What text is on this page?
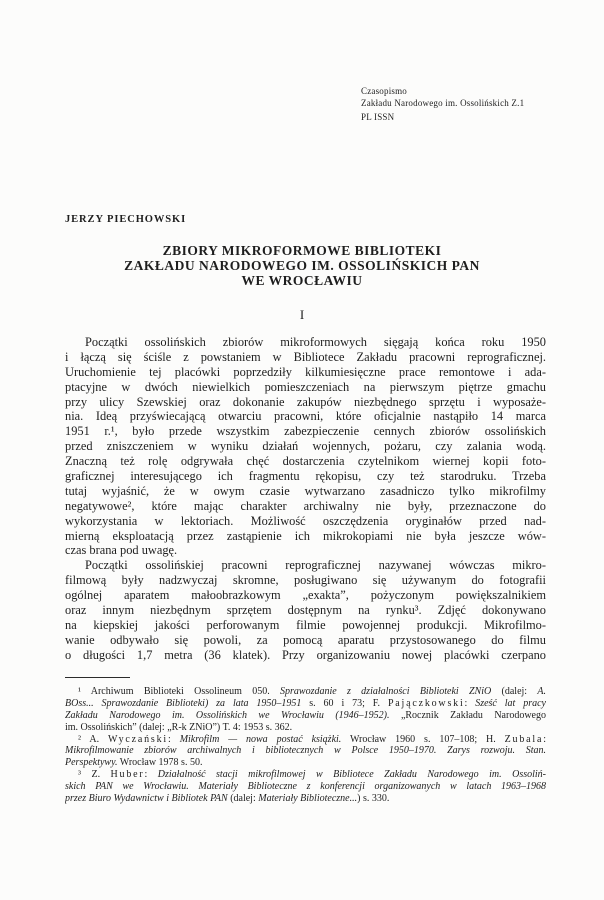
Czasopismo
Zakładu Narodowego im. Ossolińskich Z.1
PL ISSN
JERZY PIECHOWSKI
ZBIORY MIKROFORMOWE BIBLIOTEKI
ZAKŁADU NARODOWEGO IM. OSSOLIŃSKICH PAN
WE WROCŁAWIU
I
Początki ossolińskich zbiorów mikroformowych sięgają końca roku 1950
i łączą się ściśle z powstaniem w Bibliotece Zakładu pracowni reprograficznej.
Uruchomienie tej placówki poprzedziły kilkumiesięczne prace remontowe i ada-
ptacyjne w dwóch niewielkich pomieszczeniach na pierwszym piętrze gmachu
przy ulicy Szewskiej oraz dokonanie zakupów niezbędnego sprzętu i wyposaże-
nia. Ideą przyświecającą otwarciu pracowni, które oficjalnie nastąpiło 14 marca
1951 r.¹, było przede wszystkim zabezpieczenie cennych zbiorów ossolińskich
przed zniszczeniem w wyniku działań wojennych, pożaru, czy zalania wodą.
Znaczną też rolę odgrywała chęć dostarczenia czytelnikom wiernej kopii foto-
graficznej interesującego ich fragmentu rękopisu, czy też starodruku. Trzeba
tutaj wyjaśnić, że w owym czasie wytwarzano zasadniczo tylko mikrofilmy
negatywowe², które mając charakter archiwalny nie były, przeznaczone do
wykorzystania w lektoriach. Możliwość oszczędzenia oryginałów przed nad-
mierną eksploatacją przez zastąpienie ich mikrokopiami nie była jeszcze wów-
czas brana pod uwagę.
Początki ossolińskiej pracowni reprograficznej nazywanej wówczas mikro-
filmową były nadzwyczaj skromne, posługiwano się używanym do fotografii
ogólnej aparatem małoobrazkowym „exakta”, pożyczonym powiększalnikiem
oraz innym niezbędnym sprzętem dostępnym na rynku³. Zdjęć dokonywano
na kiepskiej jakości perforowanym filmie powojennej produkcji. Mikrofilmo-
wanie odbywało się powoli, za pomocą aparatu przystosowanego do filmu
o długości 1,7 metra (36 klatek). Przy organizowaniu nowej placówki czerpano
¹ Archiwum Biblioteki Ossolineum 050. Sprawozdanie z działalności Biblioteki ZNiO (dalej: A.
BOss... Sprawozdanie Biblioteki) za lata 1950–1951 s. 60 i 73; F. Pajączkowski: Sześć lat pracy
Zakładu Narodowego im. Ossolińskich we Wrocławiu (1946–1952). „Rocznik Zakładu Narodowego
im. Ossolińskich” (dalej: „R-k ZNiO”) T. 4: 1953 s. 362.
² A. Wyczański: Mikrofilm — nowa postać książki. Wrocław 1960 s. 107–108; H. Zubala:
Mikrofilmowanie zbiorów archiwalnych i bibliotecznych w Polsce 1950–1970. Zarys rozwoju. Stan.
Perspektywy. Wrocław 1978 s. 50.
³ Z. Huber: Działalność stacji mikrofilmowej w Bibliotece Zakładu Narodowego im. Ossoliń-
skich PAN we Wrocławiu. Materiały Biblioteczne z konferencji organizowanych w latach 1963–1968
przez Biuro Wydawnictw i Bibliotek PAN (dalej: Materiały Biblioteczne...) s. 330.
